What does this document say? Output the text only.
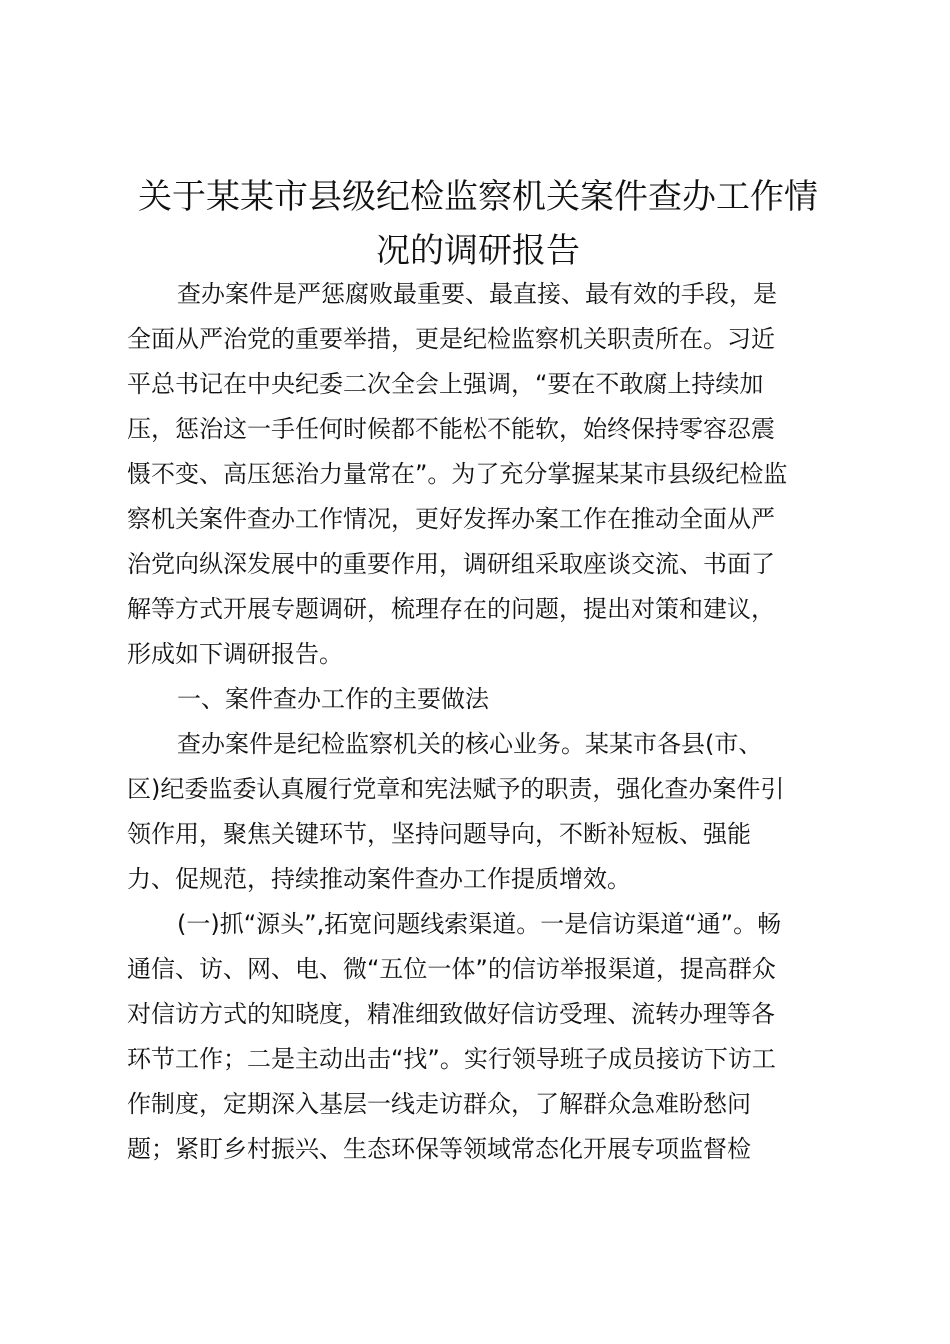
关于某某市县级纪检监察机关案件查办工作情
况的调研报告

查办案件是严惩腐败最重要、最直接、最有效的手段，是
全面从严治党的重要举措，更是纪检监察机关职责所在。习近
平总书记在中央纪委二次全会上强调，“要在不敢腐上持续加
压，惩治这一手任何时候都不能松不能软，始终保持零容忍震
慑不变、高压惩治力量常在”。为了充分掌握某某市县级纪检监
察机关案件查办工作情况，更好发挥办案工作在推动全面从严
治党向纵深发展中的重要作用，调研组采取座谈交流、书面了
解等方式开展专题调研，梳理存在的问题，提出对策和建议，
形成如下调研报告。

一、案件查办工作的主要做法

查办案件是纪检监察机关的核心业务。某某市各县(市、
区)纪委监委认真履行党章和宪法赋予的职责，强化查办案件引
领作用，聚焦关键环节，坚持问题导向，不断补短板、强能
力、促规范，持续推动案件查办工作提质增效。

(一)抓“源头”,拓宽问题线索渠道。一是信访渠道“通”。畅
通信、访、网、电、微“五位一体”的信访举报渠道，提高群众
对信访方式的知晓度，精准细致做好信访受理、流转办理等各
环节工作；二是主动出击“找”。实行领导班子成员接访下访工
作制度，定期深入基层一线走访群众，了解群众急难盼愁问
题；紧盯乡村振兴、生态环保等领域常态化开展专项监督检
